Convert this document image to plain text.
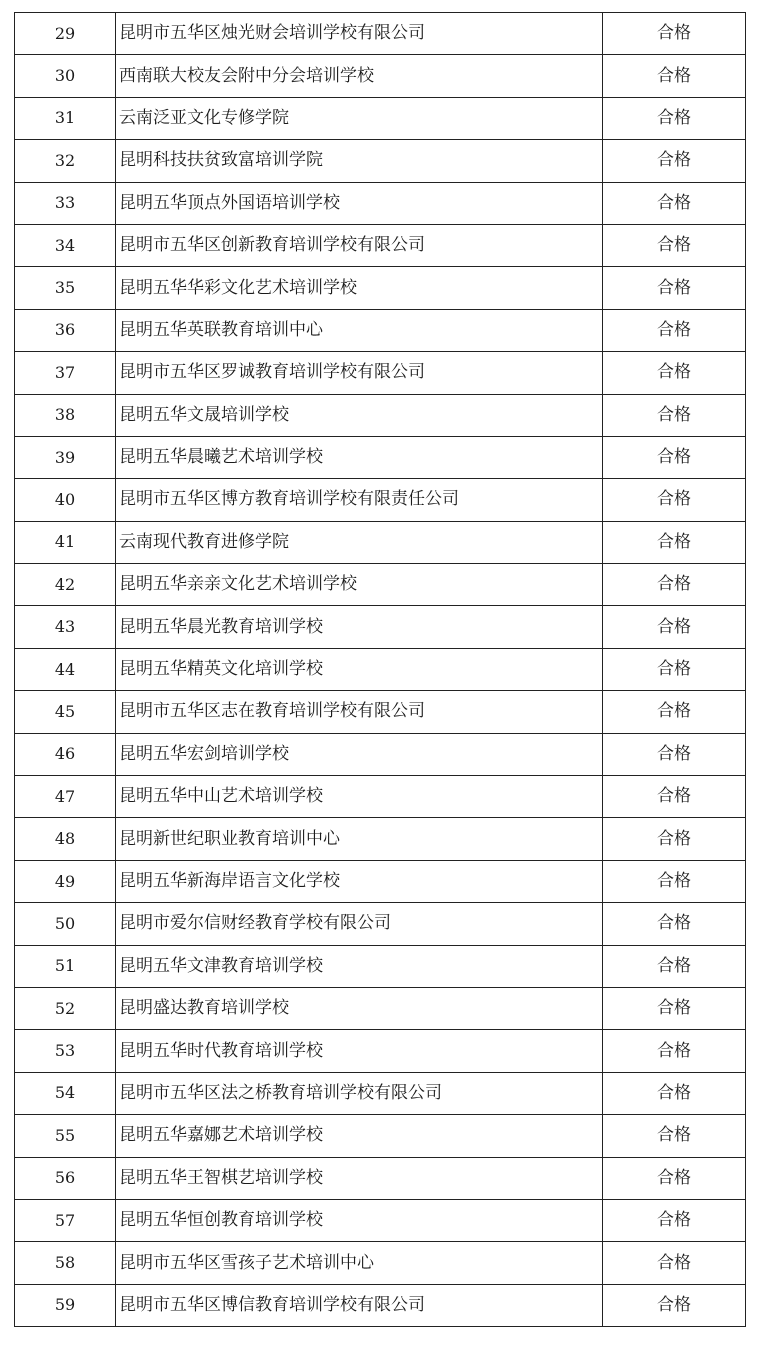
29	昆明市五华区烛光财会培训学校有限公司	合格
30	西南联大校友会附中分会培训学校	合格
31	云南泛亚文化专修学院	合格
32	昆明科技扶贫致富培训学院	合格
33	昆明五华顶点外国语培训学校	合格
34	昆明市五华区创新教育培训学校有限公司	合格
35	昆明五华华彩文化艺术培训学校	合格
36	昆明五华英联教育培训中心	合格
37	昆明市五华区罗诚教育培训学校有限公司	合格
38	昆明五华文晟培训学校	合格
39	昆明五华晨曦艺术培训学校	合格
40	昆明市五华区博方教育培训学校有限责任公司	合格
41	云南现代教育进修学院	合格
42	昆明五华亲亲文化艺术培训学校	合格
43	昆明五华晨光教育培训学校	合格
44	昆明五华精英文化培训学校	合格
45	昆明市五华区志在教育培训学校有限公司	合格
46	昆明五华宏剑培训学校	合格
47	昆明五华中山艺术培训学校	合格
48	昆明新世纪职业教育培训中心	合格
49	昆明五华新海岸语言文化学校	合格
50	昆明市爱尔信财经教育学校有限公司	合格
51	昆明五华文津教育培训学校	合格
52	昆明盛达教育培训学校	合格
53	昆明五华时代教育培训学校	合格
54	昆明市五华区法之桥教育培训学校有限公司	合格
55	昆明五华嘉娜艺术培训学校	合格
56	昆明五华王智棋艺培训学校	合格
57	昆明五华恒创教育培训学校	合格
58	昆明市五华区雪孩子艺术培训中心	合格
59	昆明市五华区博信教育培训学校有限公司	合格
